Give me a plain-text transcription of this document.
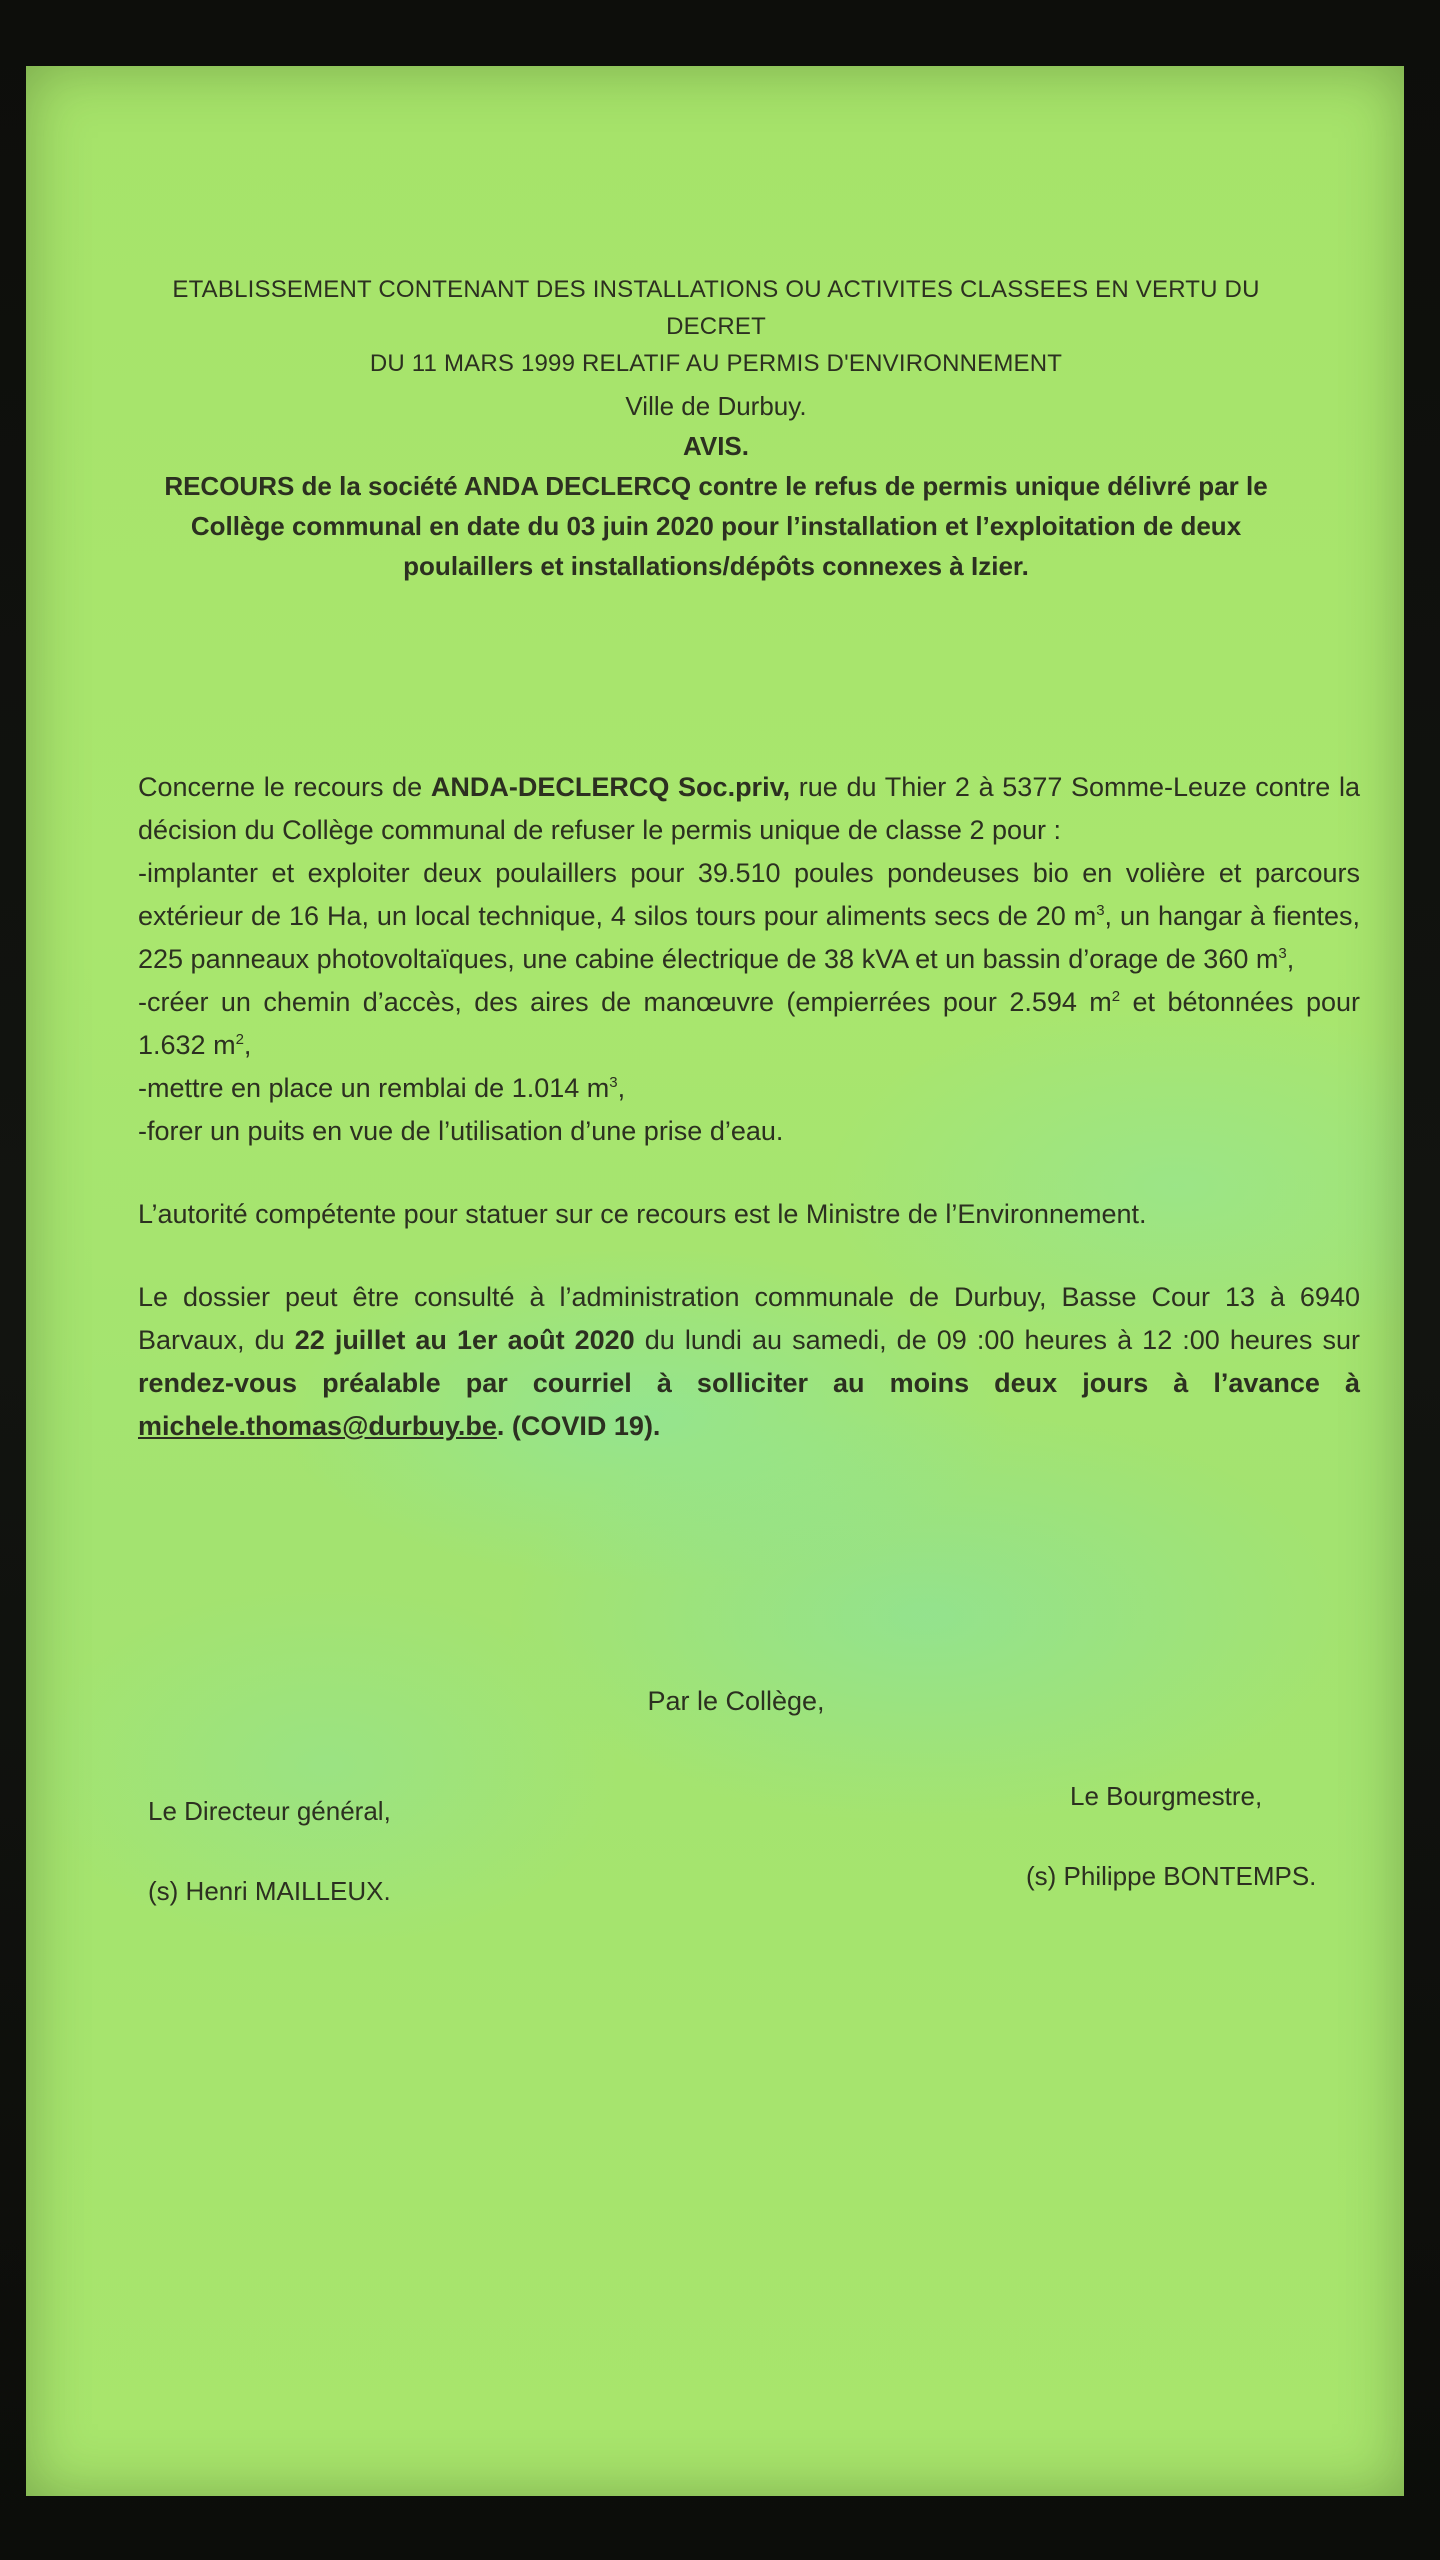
ETABLISSEMENT CONTENANT DES INSTALLATIONS OU ACTIVITES CLASSEES EN VERTU DU DECRET
DU 11 MARS 1999 RELATIF AU PERMIS D'ENVIRONNEMENT
Ville de Durbuy.
AVIS.
RECOURS de la société ANDA DECLERCQ contre le refus de permis unique délivré par le Collège communal en date du 03 juin 2020 pour l’installation et l’exploitation de deux poulaillers et installations/dépôts connexes à Izier.

Concerne le recours de ANDA-DECLERCQ Soc.priv, rue du Thier 2 à 5377 Somme-Leuze contre la décision du Collège communal de refuser le permis unique de classe 2 pour :

-implanter et exploiter deux poulaillers pour 39.510 poules pondeuses bio en volière et parcours extérieur de 16 Ha, un local technique, 4 silos tours pour aliments secs de 20 $m^3$, un hangar à fientes, 225 panneaux photovoltaïques, une cabine électrique de 38 kVA et un bassin d’orage de 360 $m^3$,

-créer un chemin d’accès, des aires de manœuvre (empierrées pour 2.594 $m^2$ et bétonnées pour 1.632 $m^2$,

-mettre en place un remblai de 1.014 $m^3$,

-forer un puits en vue de l’utilisation d’une prise d’eau.

L’autorité compétente pour statuer sur ce recours est le Ministre de l’Environnement.

Le dossier peut être consulté à l’administration communale de Durbuy, Basse Cour 13 à 6940 Barvaux, du 22 juillet au 1er août 2020 du lundi au samedi, de 09 :00 heures à 12 :00 heures sur rendez-vous préalable par courriel à solliciter au moins deux jours à l’avance à michele.thomas@durbuy.be. (COVID 19).

Par le Collège,
Le Directeur général,
(s) Henri MAILLEUX.
Le Bourgmestre,
(s) Philippe BONTEMPS.
